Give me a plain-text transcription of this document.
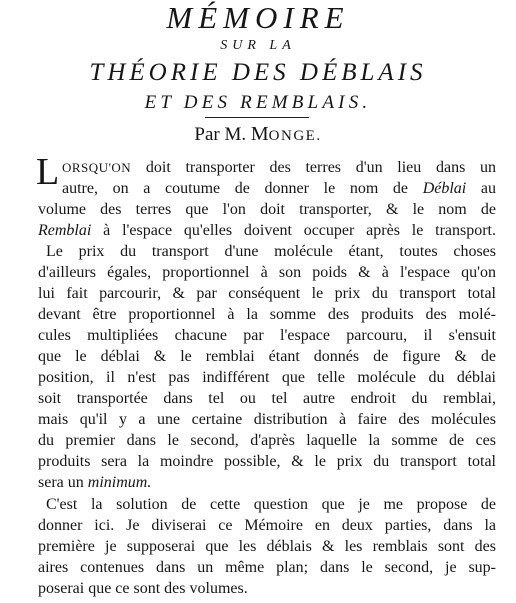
MÉMOIRE
SUR LA
THÉORIE DES DÉBLAIS
ET DES REMBLAIS.
Par M. MONGE.
L ORSQU'ON doit transporter des terres d'un lieu dans un
autre, on a coutume de donner le nom de Déblai au
volume des terres que l'on doit transporter, & le nom de
Remblai à l'espace qu'elles doivent occuper après le transport.
Le prix du transport d'une molécule étant, toutes choses
d'ailleurs égales, proportionnel à son poids & à l'espace qu'on
lui fait parcourir, & par conséquent le prix du transport total
devant être proportionnel à la somme des produits des molé-
cules multipliées chacune par l'espace parcouru, il s'ensuit
que le déblai & le remblai étant donnés de figure & de
position, il n'est pas indifférent que telle molécule du déblai
soit transportée dans tel ou tel autre endroit du remblai,
mais qu'il y a une certaine distribution à faire des molécules
du premier dans le second, d'après laquelle la somme de ces
produits sera la moindre possible, & le prix du transport total
sera un minimum.
C'est la solution de cette question que je me propose de
donner ici. Je diviserai ce Mémoire en deux parties, dans la
première je supposerai que les déblais & les remblais sont des
aires contenues dans un même plan; dans le second, je sup-
poserai que ce sont des volumes.
